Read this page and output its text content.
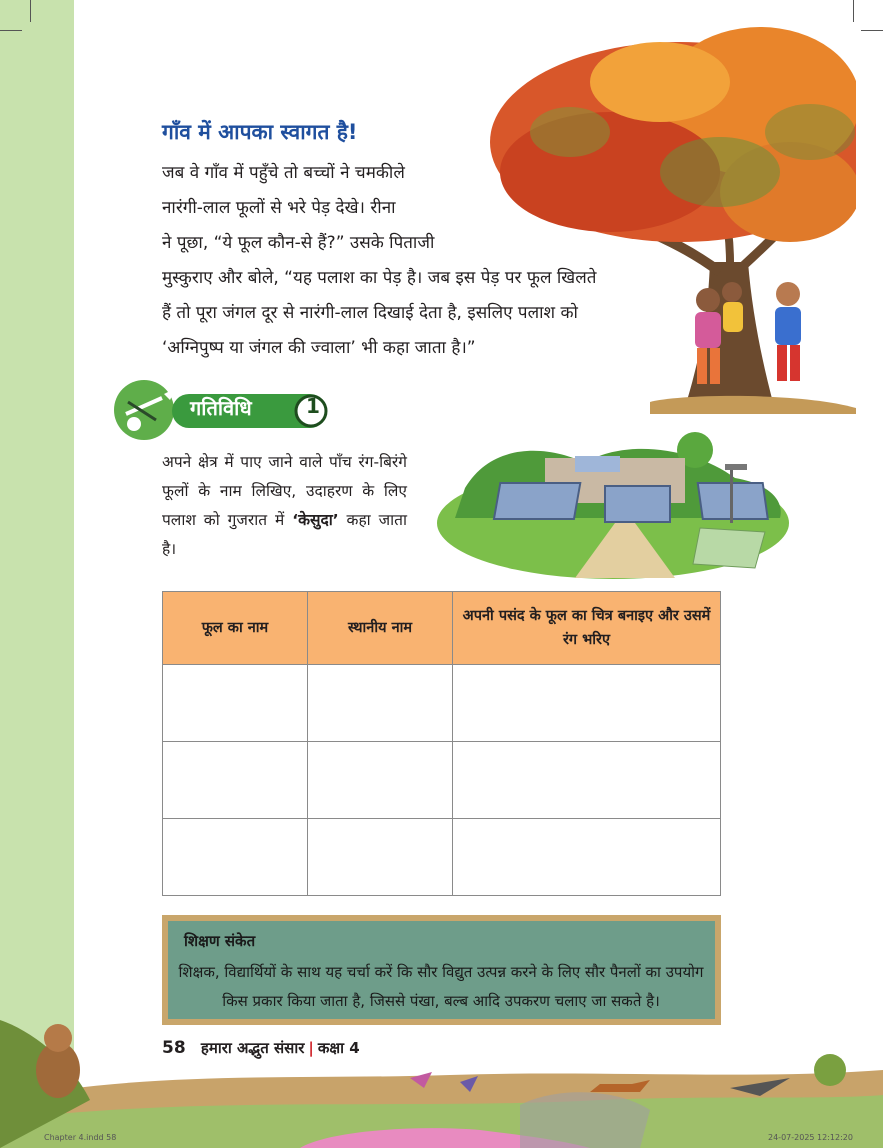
गाँव में आपका स्वागत है!
जब वे गाँव में पहुँचे तो बच्चों ने चमकीले
नारंगी-लाल फूलों से भरे पेड़ देखे। रीना
ने पूछा, “ये फूल कौन-से हैं?” उसके पिताजी
मुस्कुराए और बोले, “यह पलाश का पेड़ है। जब इस पेड़ पर फूल खिलते
हैं तो पूरा जंगल दूर से नारंगी-लाल दिखाई देता है, इसलिए पलाश को
‘अग्निपुष्प या जंगल की ज्वाला’ भी कहा जाता है।”
गतिविधि	1
अपने क्षेत्र में पाए जाने वाले पाँच रंग-बिरंगे फूलों के नाम लिखिए, उदाहरण के लिए पलाश को गुजरात में ‘केसुदा’ कहा जाता है।
फूल का नाम	स्थानीय नाम	अपनी पसंद के फूल का चित्र बनाइए और उसमें रंग भरिए

शिक्षण संकेत
शिक्षक, विद्यार्थियों के साथ यह चर्चा करें कि सौर विद्युत उत्पन्न करने के लिए सौर पैनलों का उपयोग किस प्रकार किया जाता है, जिससे पंखा, बल्ब आदि उपकरण चलाए जा सकते है।
58 हमारा अद्भुत संसार | कक्षा 4
Chapter 4.indd 58	24-07-2025 12:12:20
